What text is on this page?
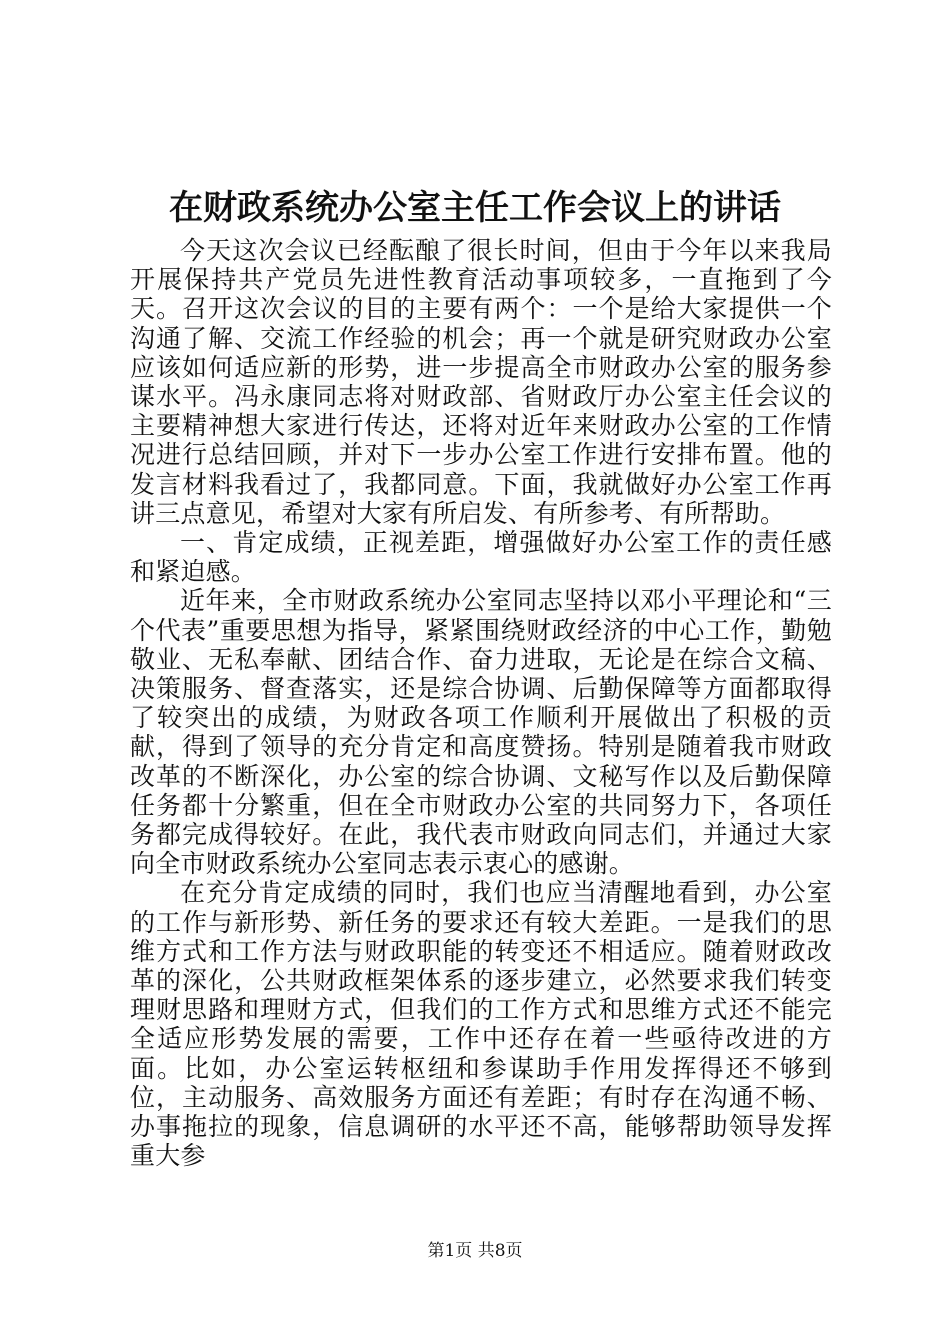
在财政系统办公室主任工作会议上的讲话

今天这次会议已经酝酿了很长时间，但由于今年以来我局开展保持共产党员先进性教育活动事项较多，一直拖到了今天。召开这次会议的目的主要有两个：一个是给大家提供一个沟通了解、交流工作经验的机会；再一个就是研究财政办公室应该如何适应新的形势，进一步提高全市财政办公室的服务参谋水平。冯永康同志将对财政部、省财政厅办公室主任会议的主要精神想大家进行传达，还将对近年来财政办公室的工作情况进行总结回顾，并对下一步办公室工作进行安排布置。他的发言材料我看过了，我都同意。下面，我就做好办公室工作再讲三点意见，希望对大家有所启发、有所参考、有所帮助。

一、肯定成绩，正视差距，增强做好办公室工作的责任感和紧迫感。

近年来，全市财政系统办公室同志坚持以邓小平理论和“三个代表”重要思想为指导，紧紧围绕财政经济的中心工作，勤勉敬业、无私奉献、团结合作、奋力进取，无论是在综合文稿、决策服务、督查落实，还是综合协调、后勤保障等方面都取得了较突出的成绩，为财政各项工作顺利开展做出了积极的贡献，得到了领导的充分肯定和高度赞扬。特别是随着我市财政改革的不断深化，办公室的综合协调、文秘写作以及后勤保障任务都十分繁重，但在全市财政办公室的共同努力下，各项任务都完成得较好。在此，我代表市财政向同志们，并通过大家向全市财政系统办公室同志表示衷心的感谢。

在充分肯定成绩的同时，我们也应当清醒地看到，办公室的工作与新形势、新任务的要求还有较大差距。一是我们的思维方式和工作方法与财政职能的转变还不相适应。随着财政改革的深化，公共财政框架体系的逐步建立，必然要求我们转变理财思路和理财方式，但我们的工作方式和思维方式还不能完全适应形势发展的需要，工作中还存在着一些亟待改进的方面。比如，办公室运转枢纽和参谋助手作用发挥得还不够到位，主动服务、高效服务方面还有差距；有时存在沟通不畅、办事拖拉的现象，信息调研的水平还不高，能够帮助领导发挥重大参

第1页 共8页
